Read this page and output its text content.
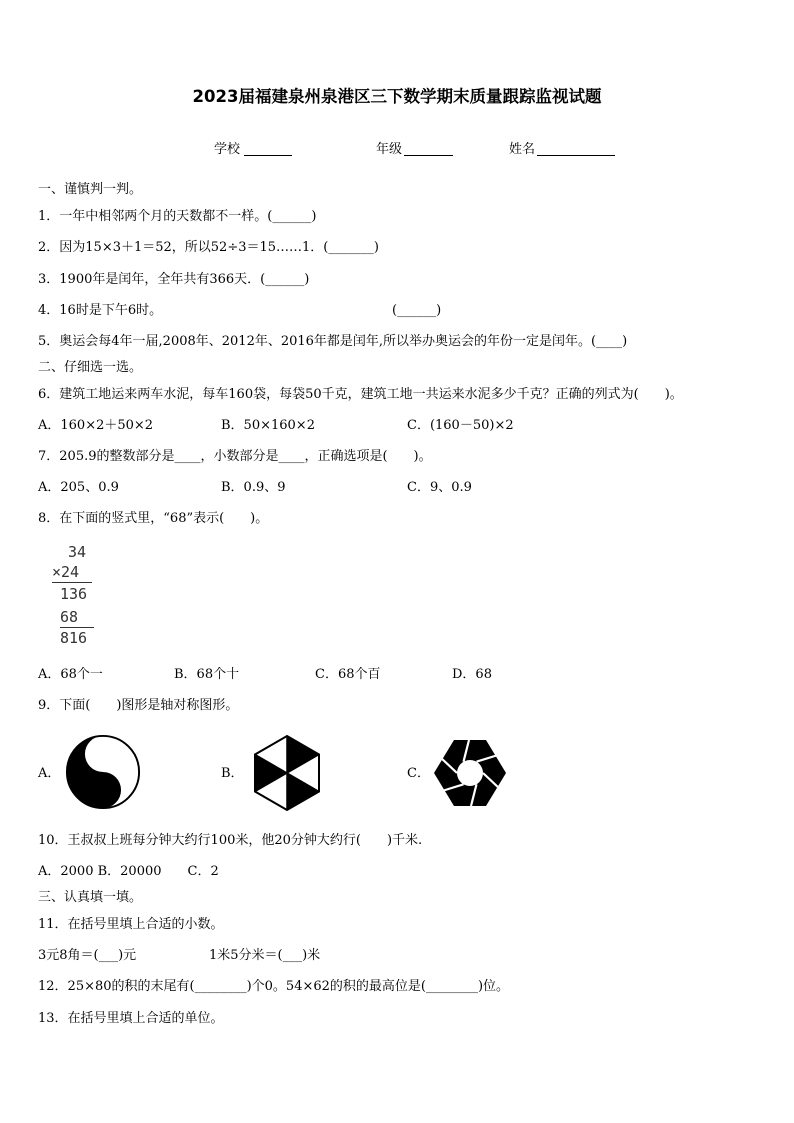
2023届福建泉州泉港区三下数学期末质量跟踪监视试题
学校	年级	姓名
一、谨慎判一判。
1．一年中相邻两个月的天数都不一样。(______)
2．因为15×3＋1＝52，所以52÷3＝15……1．(_______)
3．1900年是闰年，全年共有366天．(______)
4．16时是下午6时。	(______)
5．奥运会每4年一届,2008年、2012年、2016年都是闰年,所以举办奥运会的年份一定是闰年。(____)
二、仔细选一选。
6．建筑工地运来两车水泥，每车160袋，每袋50千克，建筑工地一共运来水泥多少千克？正确的列式为(　　)。
A．160×2＋50×2	B．50×160×2	C．(160－50)×2
7．205.9的整数部分是____，小数部分是____，正确选项是(　　)。
A．205、0.9	B．0.9、9	C．9、0.9
8．在下面的竖式里，“68”表示(　　)。
34
×24
136
68
816
A．68个一	B．68个十	C．68个百	D．68
9．下面(　　)图形是轴对称图形。
A．	B．	C．
10．王叔叔上班每分钟大约行100米，他20分钟大约行(　　)千米.
A．2000 B．20000　　C．2
三、认真填一填。
11．在括号里填上合适的小数。
3元8角＝(___)元	1米5分米＝(___)米
12．25×80的积的末尾有(________)个0。54×62的积的最高位是(________)位。
13．在括号里填上合适的单位。
